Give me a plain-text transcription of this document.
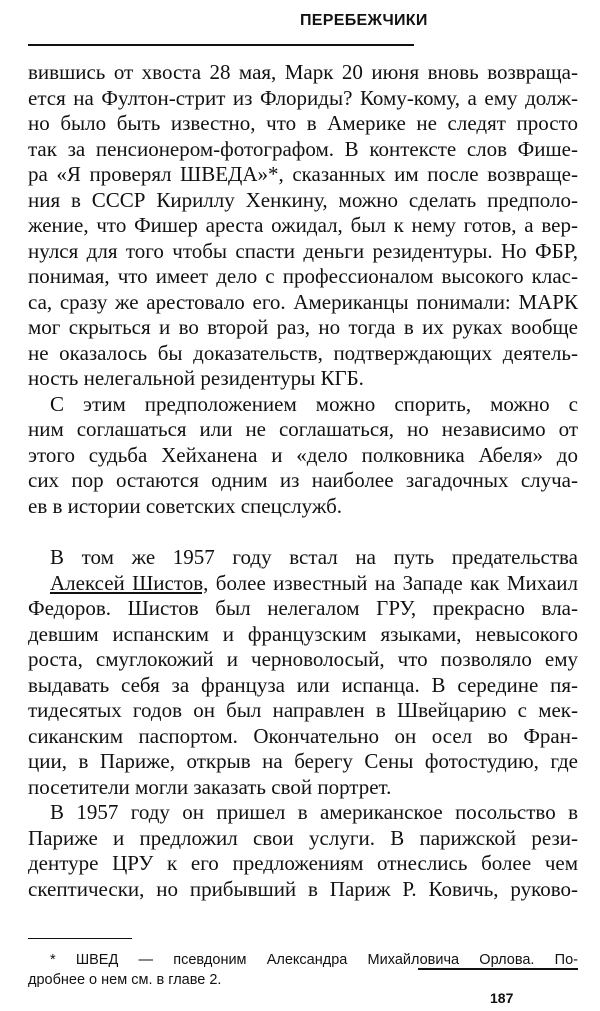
ПЕРЕБЕЖЧИКИ
вившись от хвоста 28 мая, Марк 20 июня вновь возвраща-
ется на Фултон-стрит из Флориды? Кому-кому, а ему долж-
но было быть известно, что в Америке не следят просто
так за пенсионером-фотографом. В контексте слов Фише-
ра «Я проверял ШВЕДА»*, сказанных им после возвраще-
ния в СССР Кириллу Хенкину, можно сделать предполо-
жение, что Фишер ареста ожидал, был к нему готов, а вер-
нулся для того чтобы спасти деньги резидентуры. Но ФБР,
понимая, что имеет дело с профессионалом высокого клас-
са, сразу же арестовало его. Американцы понимали: МАРК
мог скрыться и во второй раз, но тогда в их руках вообще
не оказалось бы доказательств, подтверждающих деятель-
ность нелегальной резидентуры КГБ.
С этим предположением можно спорить, можно с
ним соглашаться или не соглашаться, но независимо от
этого судьба Хейханена и «дело полковника Абеля» до
сих пор остаются одним из наиболее загадочных случа-
ев в истории советских спецслужб.
В том же 1957 году встал на путь предательства
Алексей Шистов, более известный на Западе как Михаил
Федоров. Шистов был нелегалом ГРУ, прекрасно вла-
девшим испанским и французским языками, невысокого
роста, смуглокожий и черноволосый, что позволяло ему
выдавать себя за француза или испанца. В середине пя-
тидесятых годов он был направлен в Швейцарию с мек-
сиканским паспортом. Окончательно он осел во Фран-
ции, в Париже, открыв на берегу Сены фотостудию, где
посетители могли заказать свой портрет.
В 1957 году он пришел в американское посольство в
Париже и предложил свои услуги. В парижской рези-
дентуре ЦРУ к его предложениям отнеслись более чем
скептически, но прибывший в Париж Р. Ковичь, руково-
* ШВЕД — псевдоним Александра Михайловича Орлова. По-
дробнее о нем см. в главе 2.
187
